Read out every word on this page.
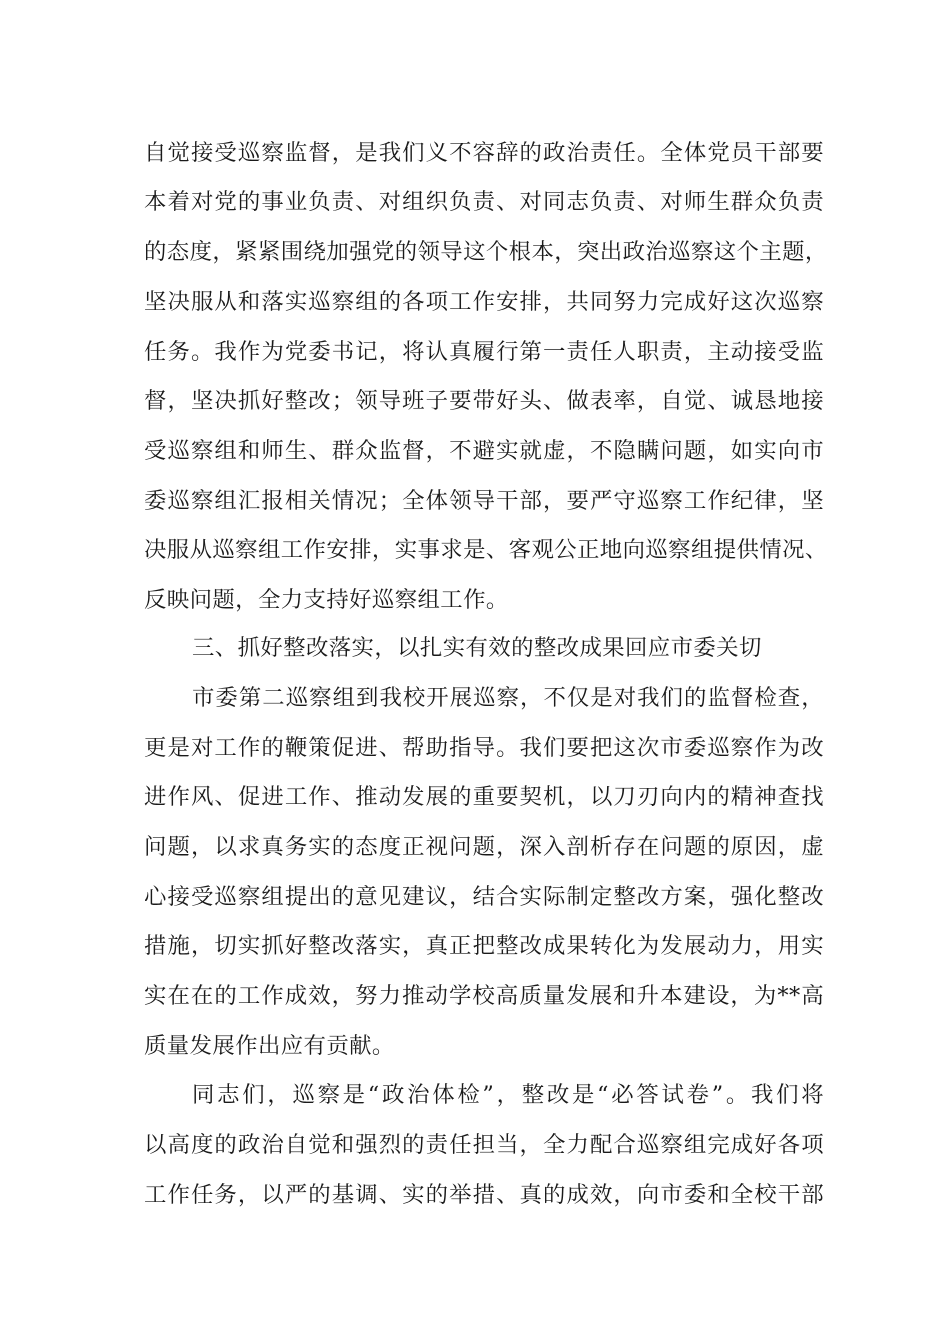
自觉接受巡察监督，是我们义不容辞的政治责任。全体党员干部要
本着对党的事业负责、对组织负责、对同志负责、对师生群众负责
的态度，紧紧围绕加强党的领导这个根本，突出政治巡察这个主题，
坚决服从和落实巡察组的各项工作安排，共同努力完成好这次巡察
任务。我作为党委书记，将认真履行第一责任人职责，主动接受监
督，坚决抓好整改；领导班子要带好头、做表率，自觉、诚恳地接
受巡察组和师生、群众监督，不避实就虚，不隐瞒问题，如实向市
委巡察组汇报相关情况；全体领导干部，要严守巡察工作纪律，坚
决服从巡察组工作安排，实事求是、客观公正地向巡察组提供情况、
反映问题，全力支持好巡察组工作。
三、抓好整改落实，以扎实有效的整改成果回应市委关切
市委第二巡察组到我校开展巡察，不仅是对我们的监督检查，
更是对工作的鞭策促进、帮助指导。我们要把这次市委巡察作为改
进作风、促进工作、推动发展的重要契机，以刀刃向内的精神查找
问题，以求真务实的态度正视问题，深入剖析存在问题的原因，虚
心接受巡察组提出的意见建议，结合实际制定整改方案，强化整改
措施，切实抓好整改落实，真正把整改成果转化为发展动力，用实
实在在的工作成效，努力推动学校高质量发展和升本建设，为**高
质量发展作出应有贡献。
同志们，巡察是“政治体检”，整改是“必答试卷”。我们将
以高度的政治自觉和强烈的责任担当，全力配合巡察组完成好各项
工作任务，以严的基调、实的举措、真的成效，向市委和全校干部
